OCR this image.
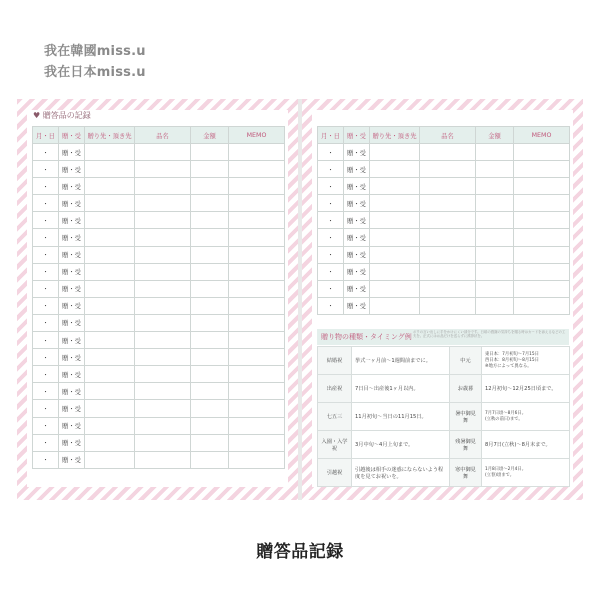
我在韓國miss.u
我在日本miss.u
♥ 贈答品の記録
月・日	贈・受	贈り先・頂き先	品名	金額	MEMO
・	贈・受				
・	贈・受				
・	贈・受				
・	贈・受				
・	贈・受				
・	贈・受				
・	贈・受				
・	贈・受				
・	贈・受				
・	贈・受				
・	贈・受				
・	贈・受				
・	贈・受				
・	贈・受				
・	贈・受				
・	贈・受				
・	贈・受				
・	贈・受				
・	贈・受				
月・日	贈・受	贈り先・頂き先	品名	金額	MEMO
・	贈・受				
・	贈・受				
・	贈・受				
・	贈・受				
・	贈・受				
・	贈・受				
・	贈・受				
・	贈・受				
・	贈・受				
・	贈・受				
贈り物の種類・タイミング例
ボクの言い出しに手をかけにくい部分です。日頃の感謝の気持ちを贈る時はカードを添えるなどの工夫を。正式にはお品だけを送らずに挨拶状を。
結婚祝	挙式一ヶ月前～1週間前までに。	中元	東日本：7月初旬～7月15日
西日本：8月初旬～8月15日
※地方によって異なる。
出産祝	7日目～出産後1ヶ月以内。	お歳暮	12月初旬～12月25日頃まで。
七五三	11月初旬～当日の11月15日。	暑中御見舞	7月7日頃～8月6日。
(立秋の前日)まで。
入園・入学祝	3月中旬～4月上旬まで。	残暑御見舞	8月7日(立秋)～8月末まで。
引越祝	引越後は相手の迷惑にならないよう程度を見てお祝いを。	寒中御見舞	1月8日頃～2月4日。
(立春)頃まで。
贈答品記録
